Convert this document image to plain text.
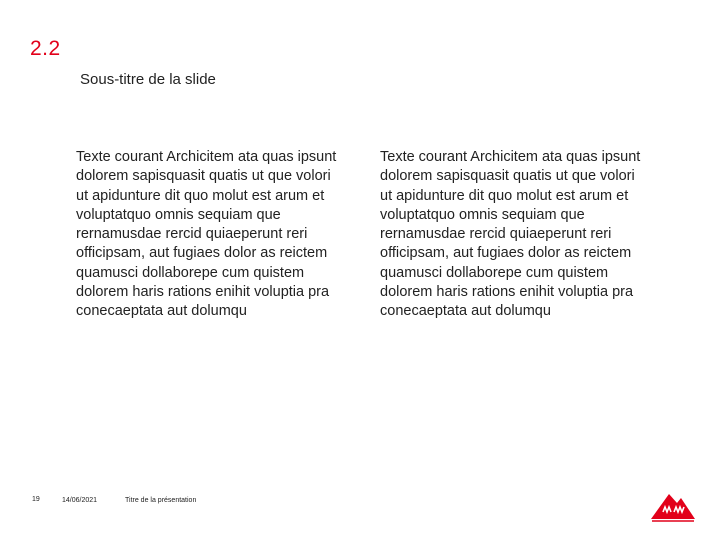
2.2
Sous-titre de la slide
Texte courant Archicitem ata quas ipsunt dolorem sapisquasit quatis ut que volori ut apidunture dit quo molut est arum et voluptatquo omnis sequiam que rernamusdae rercid quiaeperunt reri officipsam, aut fugiaes dolor as reictem quamusci dollaborepe cum quistem dolorem haris rations enihit voluptia pra conecaeptata aut dolumqu
Texte courant Archicitem ata quas ipsunt dolorem sapisquasit quatis ut que volori ut apidunture dit quo molut est arum et voluptatquo omnis sequiam que rernamusdae rercid quiaeperunt reri officipsam, aut fugiaes dolor as reictem quamusci dollaborepe cum quistem dolorem haris rations enihit voluptia pra conecaeptata aut dolumqu
19	14/06/2021	Titre de la présentation
